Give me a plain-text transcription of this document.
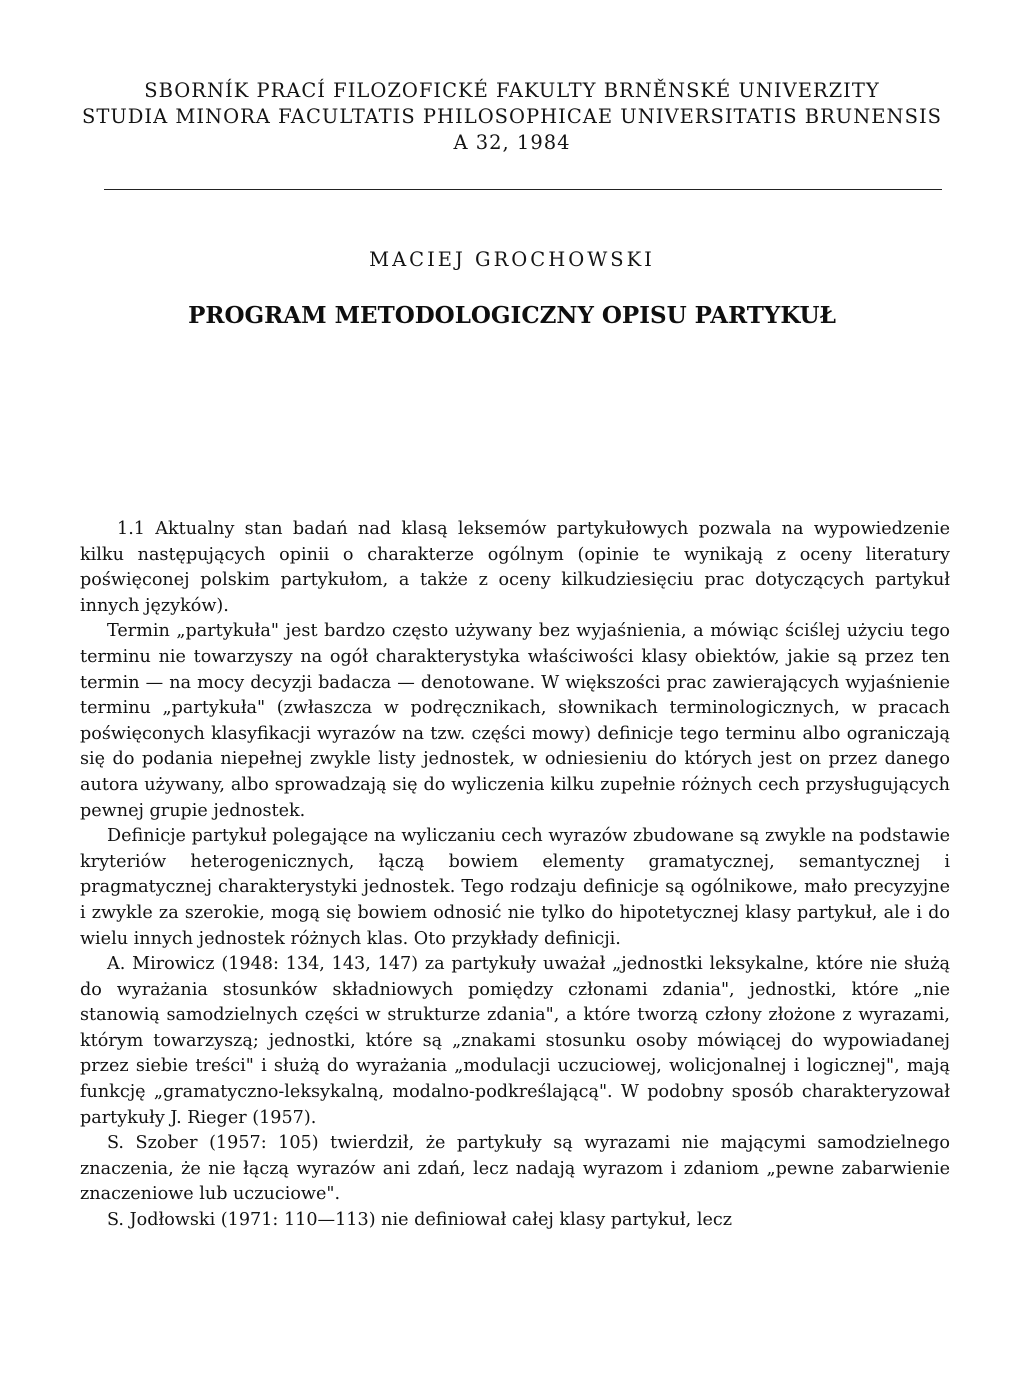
SBORNÍK PRACÍ FILOZOFICKÉ FAKULTY BRNĚNSKÉ UNIVERZITY
STUDIA MINORA FACULTATIS PHILOSOPHICAE UNIVERSITATIS BRUNENSIS
A 32, 1984
MACIEJ GROCHOWSKI
PROGRAM METODOLOGICZNY OPISU PARTYKUŁ

1.1 Aktualny stan badań nad klasą leksemów partykułowych pozwala na wypowiedzenie kilku następujących opinii o charakterze ogólnym (opinie te wynikają z oceny literatury poświęconej polskim partykułom, a także z oceny kilkudziesięciu prac dotyczących partykuł innych języków).

Termin „partykuła" jest bardzo często używany bez wyjaśnienia, a mówiąc ściślej użyciu tego terminu nie towarzyszy na ogół charakterystyka właściwości klasy obiektów, jakie są przez ten termin — na mocy decyzji badacza — denotowane. W większości prac zawierających wyjaśnienie terminu „partykuła" (zwłaszcza w podręcznikach, słownikach terminologicznych, w pracach poświęconych klasyfikacji wyrazów na tzw. części mowy) definicje tego terminu albo ograniczają się do podania niepełnej zwykle listy jednostek, w odniesieniu do których jest on przez danego autora używany, albo sprowadzają się do wyliczenia kilku zupełnie różnych cech przysługujących pewnej grupie jednostek.

Definicje partykuł polegające na wyliczaniu cech wyrazów zbudowane są zwykle na podstawie kryteriów heterogenicznych, łączą bowiem elementy gramatycznej, semantycznej i pragmatycznej charakterystyki jednostek. Tego rodzaju definicje są ogólnikowe, mało precyzyjne i zwykle za szerokie, mogą się bowiem odnosić nie tylko do hipotetycznej klasy partykuł, ale i do wielu innych jednostek różnych klas. Oto przykłady definicji.

A. Mirowicz (1948: 134, 143, 147) za partykuły uważał „jednostki leksykalne, które nie służą do wyrażania stosunków składniowych pomiędzy członami zdania", jednostki, które „nie stanowią samodzielnych części w strukturze zdania", a które tworzą człony złożone z wyrazami, którym towarzyszą; jednostki, które są „znakami stosunku osoby mówiącej do wypowiadanej przez siebie treści" i służą do wyrażania „modulacji uczuciowej, wolicjonalnej i logicznej", mają funkcję „gramatyczno-leksykalną, modalno-podkreślającą". W podobny sposób charakteryzował partykuły J. Rieger (1957).

S. Szober (1957: 105) twierdził, że partykuły są wyrazami nie mającymi samodzielnego znaczenia, że nie łączą wyrazów ani zdań, lecz nadają wyrazom i zdaniom „pewne zabarwienie znaczeniowe lub uczuciowe".

S. Jodłowski (1971: 110—113) nie definiował całej klasy partykuł, lecz
